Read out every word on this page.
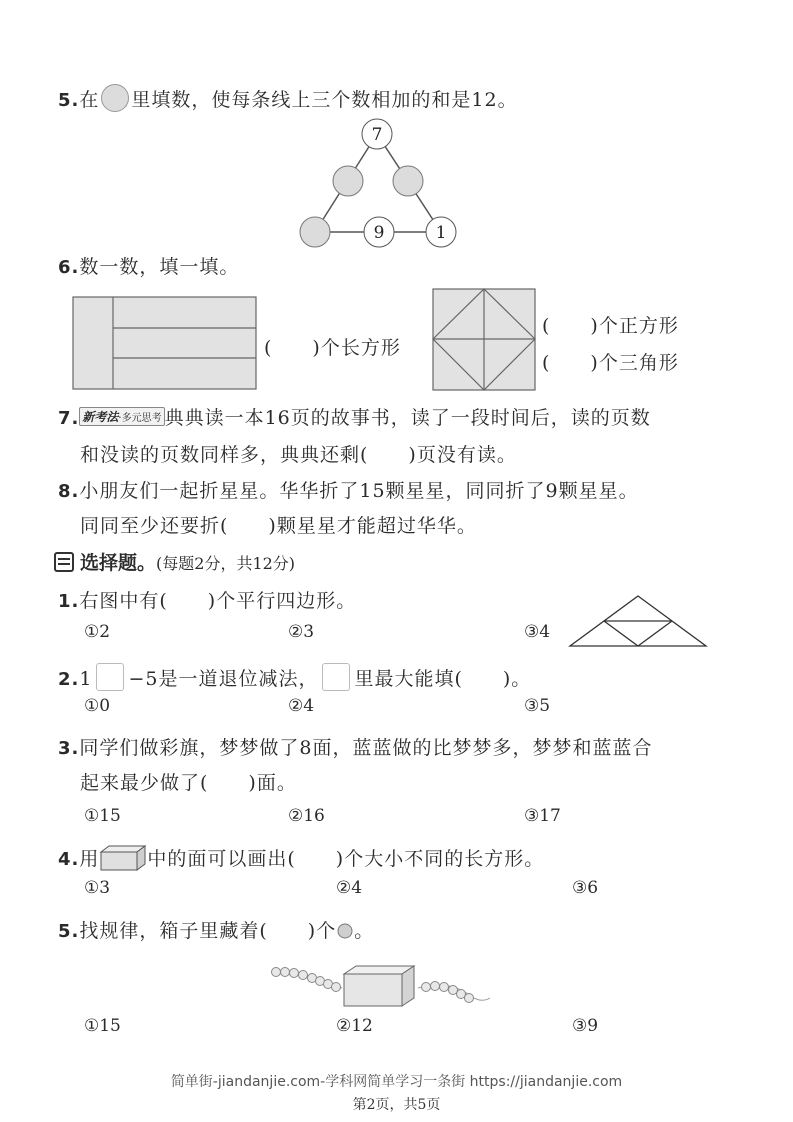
5.在 里填数，使每条线上三个数相加的和是12。
7
9	1
6.数一数，填一填。
(　　)个长方形
(　　)个正方形
(　　)个三角形
7. 新考法·多元思考 典典读一本16页的故事书，读了一段时间后，读的页数
和没读的页数同样多，典典还剩(　　)页没有读。
8.小朋友们一起折星星。华华折了15颗星星，同同折了9颗星星。
同同至少还要折(　　)颗星星才能超过华华。
选择题。(每题2分，共12分)
1.右图中有(　　)个平行四边形。
①2	②3	③4
2.1 −5是一道退位减法， 里最大能填(　　)。
①0	②4	③5
3.同学们做彩旗，梦梦做了8面，蓝蓝做的比梦梦多，梦梦和蓝蓝合
起来最少做了(　　)面。
①15	②16	③17
4.用	中的面可以画出(　　)个大小不同的长方形。
①3	②4	③6
5.找规律，箱子里藏着(　　)个 。
①15	②12	③9
简单街-jiandanjie.com-学科网简单学习一条街 https://jiandanjie.com
第2页，共5页
